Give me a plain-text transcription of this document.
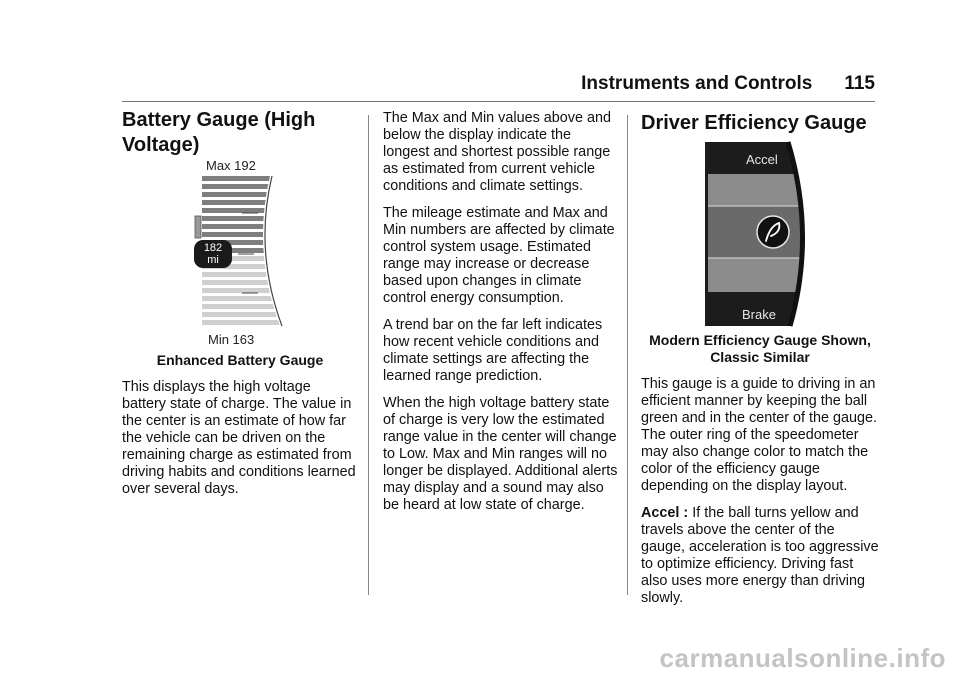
Instruments and Controls 115
Battery Gauge (High
Voltage)
Max 192
182
mi
Min 163
Enhanced Battery Gauge

This displays the high voltage battery state of charge. The value in the center is an estimate of how far the vehicle can be driven on the remaining charge as estimated from driving habits and conditions learned over several days.

The Max and Min values above and below the display indicate the longest and shortest possible range as estimated from current vehicle conditions and climate settings.

The mileage estimate and Max and Min numbers are affected by climate control system usage. Estimated range may increase or decrease based upon changes in climate control energy consumption.

A trend bar on the far left indicates how recent vehicle conditions and climate settings are affecting the learned range prediction.

When the high voltage battery state of charge is very low the estimated range value in the center will change to Low. Max and Min ranges will no longer be displayed. Additional alerts may display and a sound may also be heard at low state of charge.

Driver Efficiency Gauge
Accel
Brake
Modern Efficiency Gauge Shown,
Classic Similar

This gauge is a guide to driving in an efficient manner by keeping the ball green and in the center of the gauge. The outer ring of the speedometer may also change color to match the color of the efficiency gauge depending on the display layout.

Accel : If the ball turns yellow and travels above the center of the gauge, acceleration is too aggressive to optimize efficiency. Driving fast also uses more energy than driving slowly.

carmanualsonline.info
